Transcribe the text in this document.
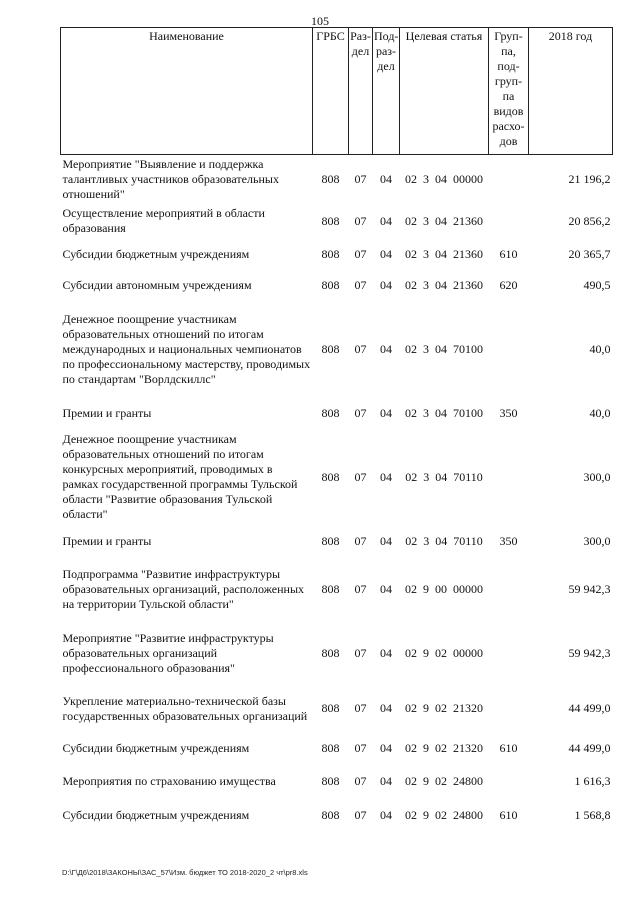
105
Наименование	ГРБС	Раз-дел	Под-раз-дел	Целевая статья	Груп-па, под-груп-па видов расхо-дов	2018 год
Мероприятие "Выявление и поддержка талантливых участников образовательных отношений"	808	07	04	02  3  04  00000		21 196,2
Осуществление мероприятий в области образования	808	07	04	02  3  04  21360		20 856,2
Субсидии бюджетным учреждениям	808	07	04	02  3  04  21360	610	20 365,7
Субсидии автономным учреждениям	808	07	04	02  3  04  21360	620	490,5
Денежное поощрение участникам образовательных отношений по итогам международных и национальных чемпионатов по профессиональному мастерству, проводимых по стандартам "Ворлдскиллс"	808	07	04	02  3  04  70100		40,0
Премии и гранты	808	07	04	02  3  04  70100	350	40,0
Денежное поощрение участникам образовательных отношений по итогам конкурсных мероприятий, проводимых в рамках государственной программы Тульской области "Развитие образования Тульской области"	808	07	04	02  3  04  70110		300,0
Премии и гранты	808	07	04	02  3  04  70110	350	300,0
Подпрограмма "Развитие инфраструктуры образовательных организаций, расположенных на территории Тульской области"	808	07	04	02  9  00  00000		59 942,3
Мероприятие "Развитие инфраструктуры образовательных организаций профессионального образования"	808	07	04	02  9  02  00000		59 942,3
Укрепление материально-технической базы государственных образовательных организаций	808	07	04	02  9  02  21320		44 499,0
Субсидии бюджетным учреждениям	808	07	04	02  9  02  21320	610	44 499,0
Мероприятия по страхованию имущества	808	07	04	02  9  02  24800		1 616,3
Субсидии бюджетным учреждениям	808	07	04	02  9  02  24800	610	1 568,8
D:\Г\Д6\2018\ЗАКОНЫ\ЗАС_57\Изм. бюджет ТО 2018-2020_2 чт\pr8.xls
